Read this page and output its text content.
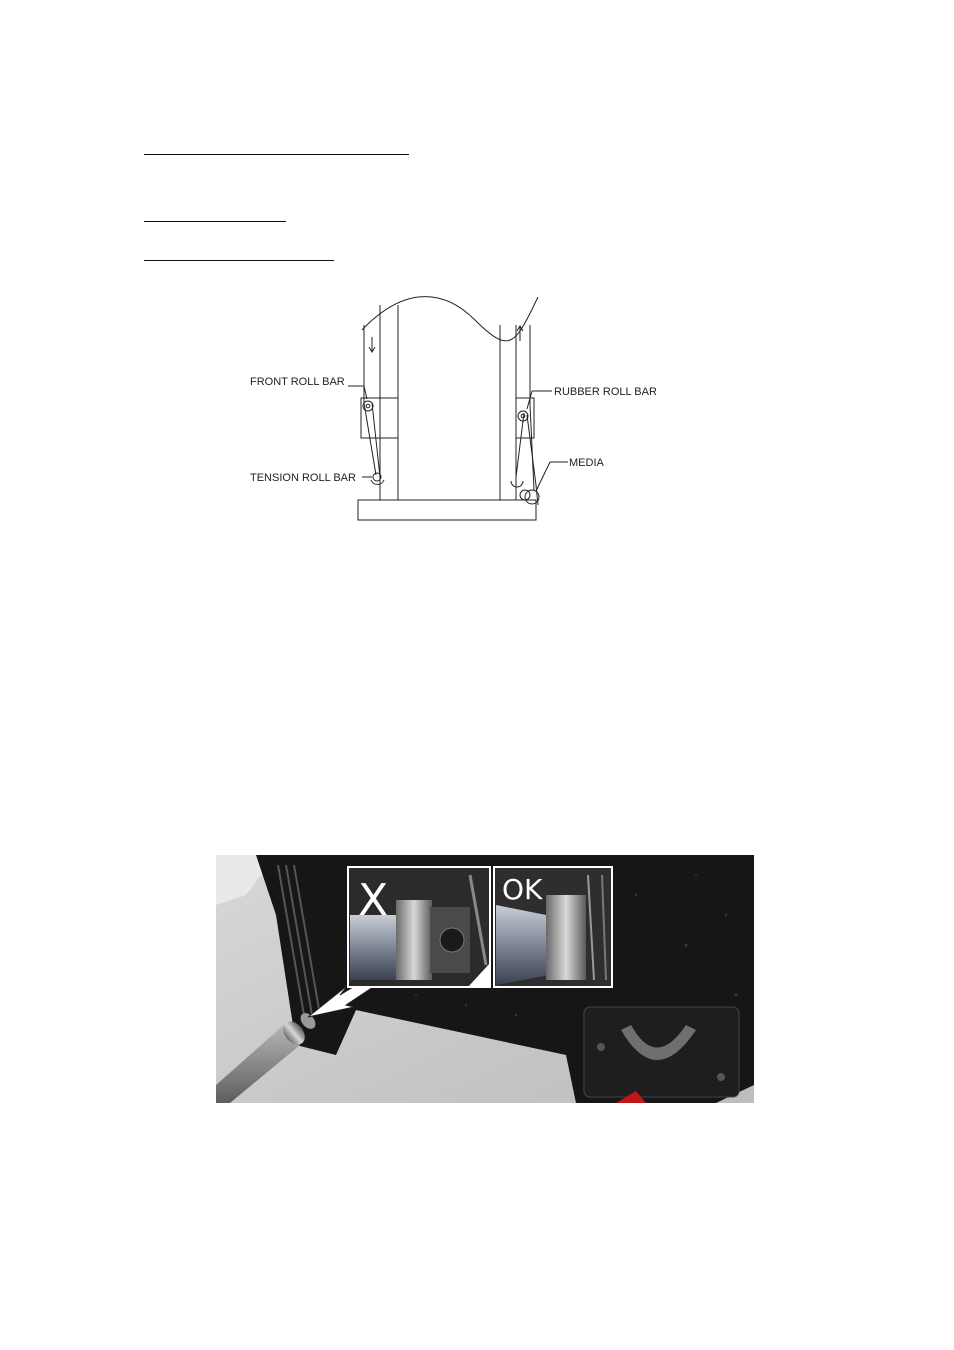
FRONT ROLL BAR
TENSION ROLL BAR
RUBBER ROLL BAR
MEDIA
X	OK
